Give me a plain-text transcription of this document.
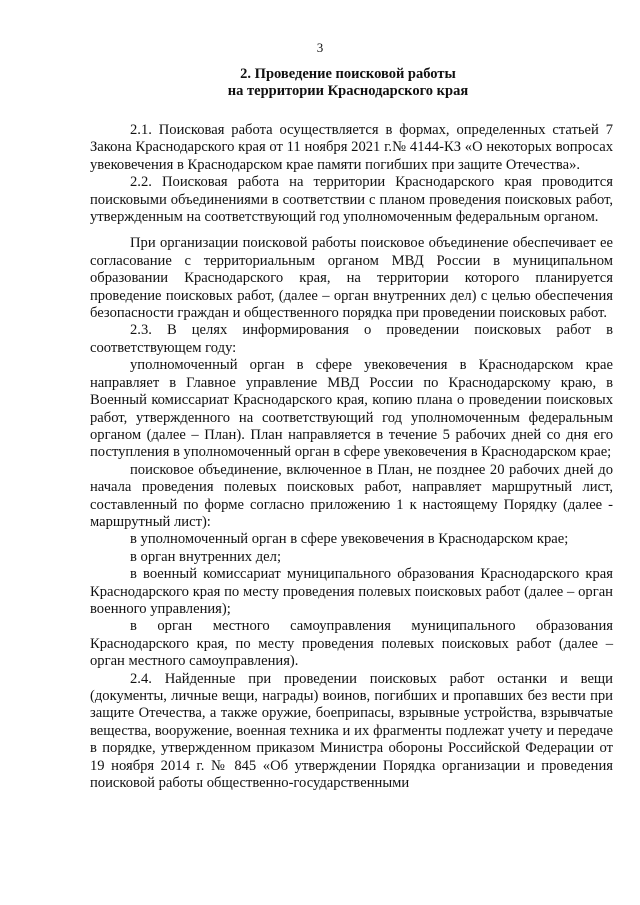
3
2. Проведение поисковой работы
на территории Краснодарского края

2.1. Поисковая работа осуществляется в формах, определенных статьей 7 Закона Краснодарского края от 11 ноября 2021 г.№ 4144-КЗ «О некоторых вопросах увековечения в Краснодарском крае памяти погибших при защите Отечества».

2.2. Поисковая работа на территории Краснодарского края проводится поисковыми объединениями в соответствии с планом проведения поисковых работ, утвержденным на соответствующий год уполномоченным федеральным органом.

При организации поисковой работы поисковое объединение обеспечивает ее согласование с территориальным органом МВД России в муниципальном образовании Краснодарского края, на территории которого планируется проведение поисковых работ, (далее – орган внутренних дел) с целью обеспечения безопасности граждан и общественного порядка при проведении поисковых работ.

2.3. В целях информирования о проведении поисковых работ в соответствующем году:

уполномоченный орган в сфере увековечения в Краснодарском крае направляет в Главное управление МВД России по Краснодарскому краю, в Военный комиссариат Краснодарского края, копию плана о проведении поисковых работ, утвержденного на соответствующий год уполномоченным федеральным органом (далее – План). План направляется в течение 5 рабочих дней со дня его поступления в уполномоченный орган в сфере увековечения в Краснодарском крае;

поисковое объединение, включенное в План, не позднее 20 рабочих дней до начала проведения полевых поисковых работ, направляет маршрутный лист, составленный по форме согласно приложению 1 к настоящему Порядку (далее - маршрутный лист):

в уполномоченный орган в сфере увековечения в Краснодарском крае;

в орган внутренних дел;

в военный комиссариат муниципального образования Краснодарского края Краснодарского края по месту проведения полевых поисковых работ (далее – орган военного управления);

в орган местного самоуправления муниципального образования Краснодарского края, по месту проведения полевых поисковых работ (далее – орган местного самоуправления).

2.4. Найденные при проведении поисковых работ останки и вещи (документы, личные вещи, награды) воинов, погибших и пропавших без вести при защите Отечества, а также оружие, боеприпасы, взрывные устройства, взрывчатые вещества, вооружение, военная техника и их фрагменты подлежат учету и передаче в порядке, утвержденном приказом Министра обороны Российской Федерации от 19 ноября 2014 г. № 845 «Об утверждении Порядка организации и проведения поисковой работы общественно-государственными
